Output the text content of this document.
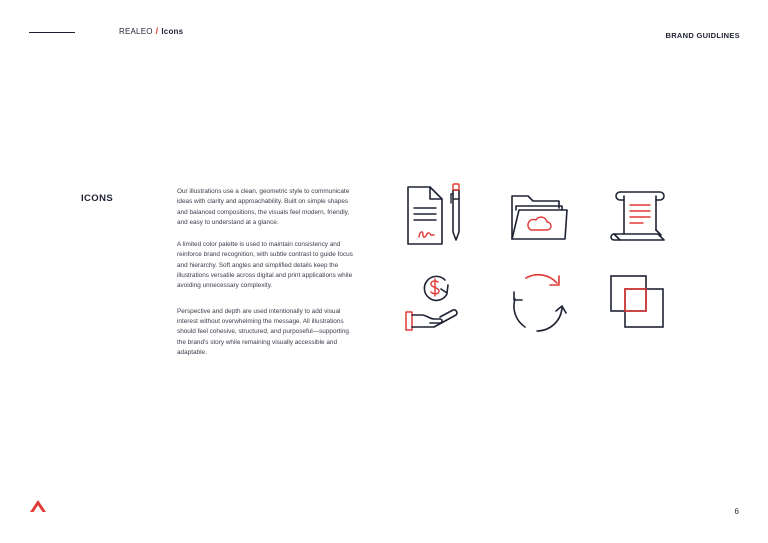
REALEO / Icons	BRAND GUIDLINES
ICONS

Our illustrations use a clean, geometric style to communicate ideas with clarity and approachability. Built on simple shapes and balanced compositions, the visuals feel modern, friendly, and easy to understand at a glance.

A limited color palette is used to maintain consistency and reinforce brand recognition, with subtle contrast to guide focus and hierarchy. Soft angles and simplified details keep the illustrations versatile across digital and print applications while avoiding unnecessary complexity.

Perspective and depth are used intentionally to add visual interest without overwhelming the message. All illustrations should feel cohesive, structured, and purposeful—supporting the brand's story while remaining visually accessible and adaptable.

6
